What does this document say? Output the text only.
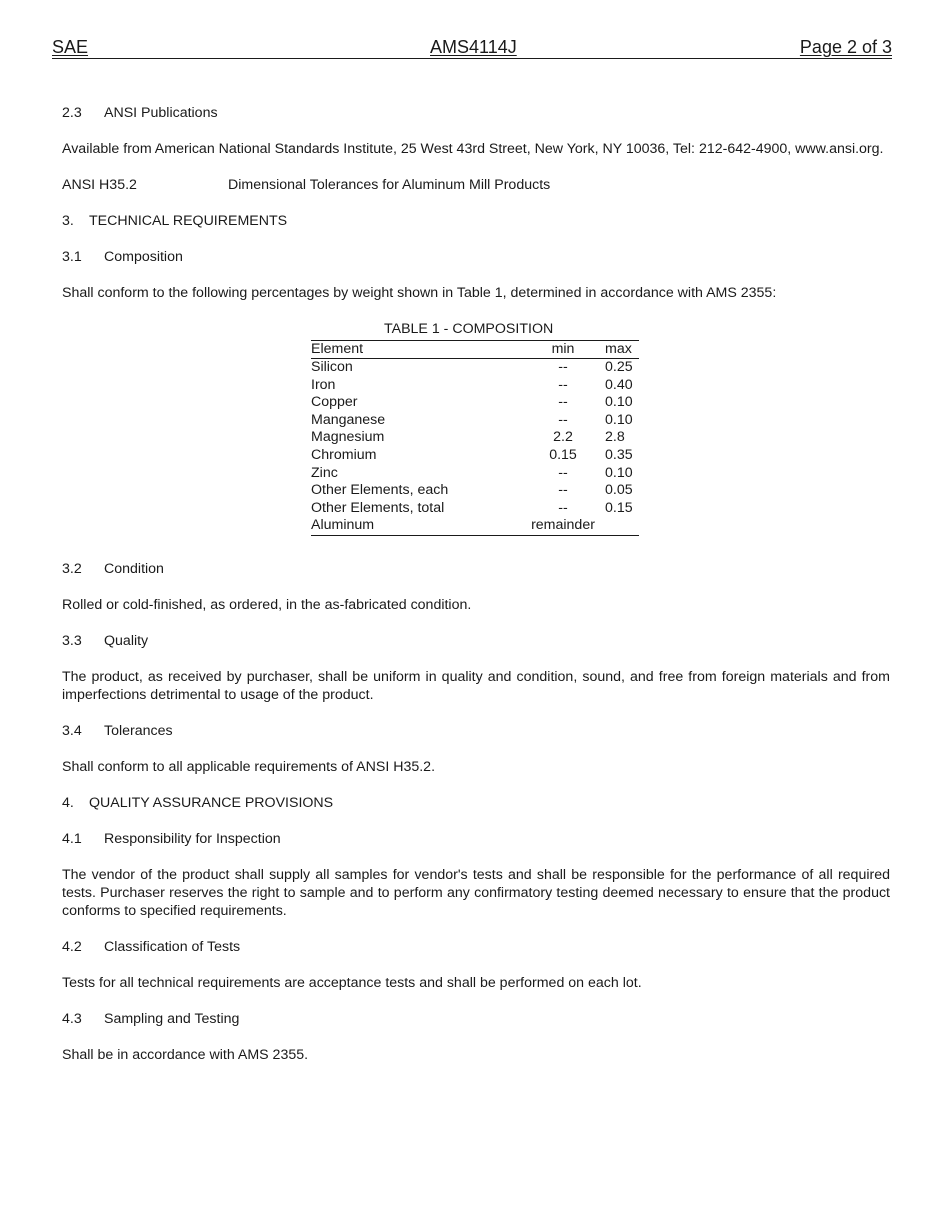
SAE	AMS4114J	Page 2 of 3
2.3 ANSI Publications
Available from American National Standards Institute, 25 West 43rd Street, New York, NY 10036, Tel: 212-642-4900, www.ansi.org.
ANSI H35.2	Dimensional Tolerances for Aluminum Mill Products
3. TECHNICAL REQUIREMENTS
3.1 Composition
Shall conform to the following percentages by weight shown in Table 1, determined in accordance with AMS 2355:
TABLE 1 - COMPOSITION
Element	min	max
Silicon	--	0.25
Iron	--	0.40
Copper	--	0.10
Manganese	--	0.10
Magnesium	2.2	2.8
Chromium	0.15	0.35
Zinc	--	0.10
Other Elements, each	--	0.05
Other Elements, total	--	0.15
Aluminum	remainder	
3.2 Condition
Rolled or cold-finished, as ordered, in the as-fabricated condition.
3.3 Quality
The product, as received by purchaser, shall be uniform in quality and condition, sound, and free from foreign materials and from imperfections detrimental to usage of the product.
3.4 Tolerances
Shall conform to all applicable requirements of ANSI H35.2.
4. QUALITY ASSURANCE PROVISIONS
4.1 Responsibility for Inspection
The vendor of the product shall supply all samples for vendor's tests and shall be responsible for the performance of all required tests. Purchaser reserves the right to sample and to perform any confirmatory testing deemed necessary to ensure that the product conforms to specified requirements.
4.2 Classification of Tests
Tests for all technical requirements are acceptance tests and shall be performed on each lot.
4.3 Sampling and Testing
Shall be in accordance with AMS 2355.
